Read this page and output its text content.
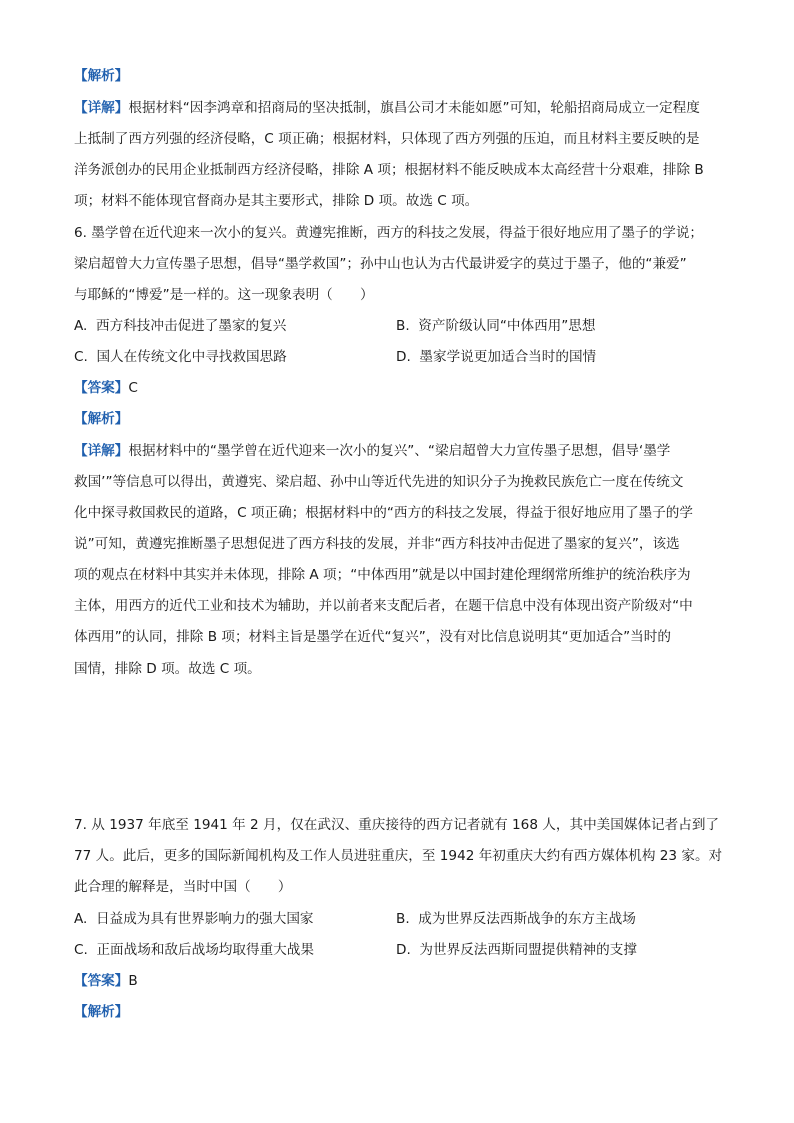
【解析】
【详解】根据材料“因李鸿章和招商局的坚决抵制，旗昌公司才未能如愿”可知，轮船招商局成立一定程度
上抵制了西方列强的经济侵略，C 项正确；根据材料，只体现了西方列强的压迫，而且材料主要反映的是
洋务派创办的民用企业抵制西方经济侵略，排除 A 项；根据材料不能反映成本太高经营十分艰难，排除 B
项；材料不能体现官督商办是其主要形式，排除 D 项。故选 C 项。
6. 墨学曾在近代迎来一次小的复兴。黄遵宪推断，西方的科技之发展，得益于很好地应用了墨子的学说；
梁启超曾大力宣传墨子思想，倡导“墨学救国”；孙中山也认为古代最讲爱字的莫过于墨子，他的“兼爱”
与耶稣的“博爱”是一样的。这一现象表明（　　）
A.  西方科技冲击促进了墨家的复兴	B.  资产阶级认同“中体西用”思想
C.  国人在传统文化中寻找救国思路	D.  墨家学说更加适合当时的国情
【答案】C
【解析】
【详解】根据材料中的“墨学曾在近代迎来一次小的复兴”、“梁启超曾大力宣传墨子思想，倡导‘墨学
救国’”等信息可以得出，黄遵宪、梁启超、孙中山等近代先进的知识分子为挽救民族危亡一度在传统文
化中探寻救国救民的道路，C 项正确；根据材料中的“西方的科技之发展，得益于很好地应用了墨子的学
说”可知，黄遵宪推断墨子思想促进了西方科技的发展，并非“西方科技冲击促进了墨家的复兴”，该选
项的观点在材料中其实并未体现，排除 A 项；“中体西用”就是以中国封建伦理纲常所维护的统治秩序为
主体，用西方的近代工业和技术为辅助，并以前者来支配后者，在题干信息中没有体现出资产阶级对“中
体西用”的认同，排除 B 项；材料主旨是墨学在近代“复兴”，没有对比信息说明其“更加适合”当时的
国情，排除 D 项。故选 C 项。
7. 从 1937 年底至 1941 年 2 月，仅在武汉、重庆接待的西方记者就有 168 人，其中美国媒体记者占到了
77 人。此后，更多的国际新闻机构及工作人员进驻重庆，至 1942 年初重庆大约有西方媒体机构 23 家。对
此合理的解释是，当时中国（　　）
A.  日益成为具有世界影响力的强大国家	B.  成为世界反法西斯战争的东方主战场
C.  正面战场和敌后战场均取得重大战果	D.  为世界反法西斯同盟提供精神的支撑
【答案】B
【解析】
